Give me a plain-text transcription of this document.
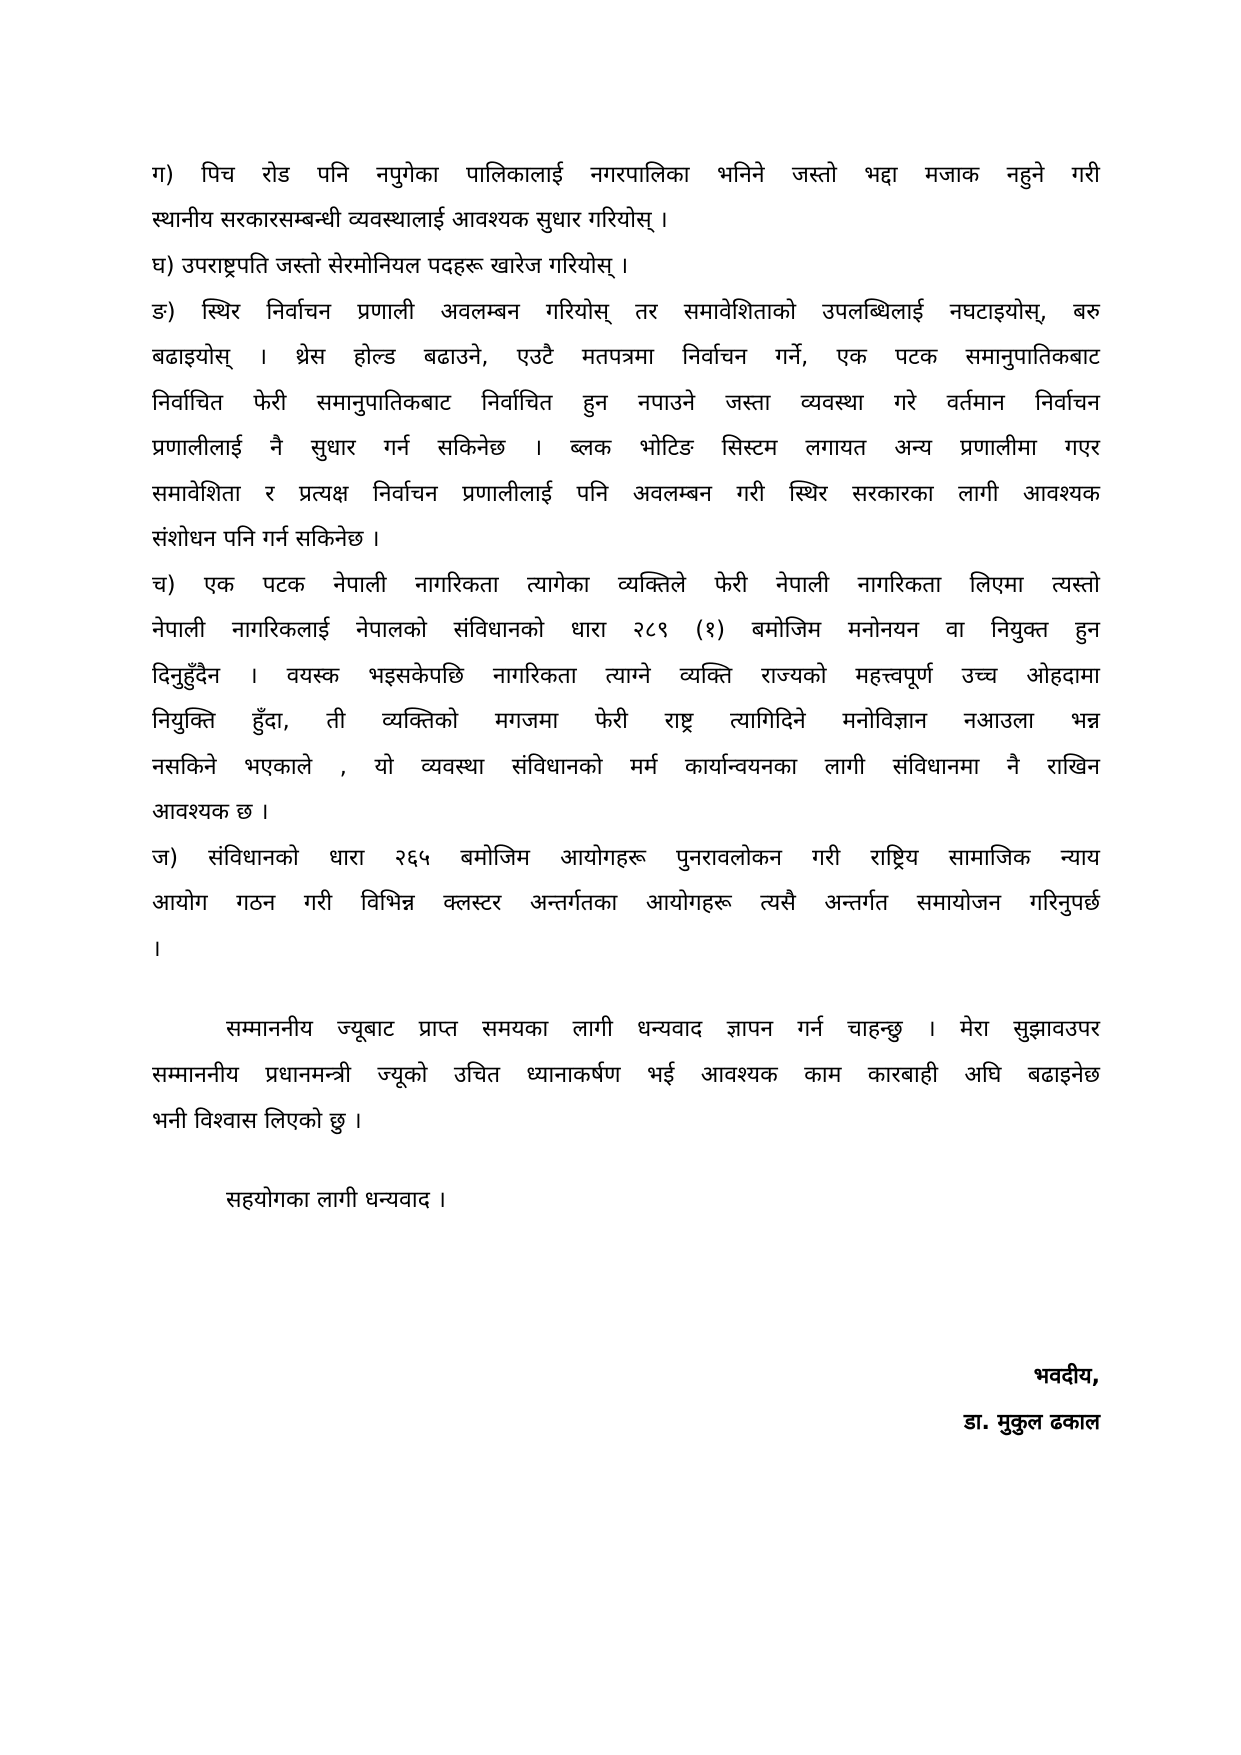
ग) पिच रोड पनि नपुगेका पालिकालाई नगरपालिका भनिने जस्तो भद्दा मजाक नहुने गरी
स्थानीय सरकारसम्बन्धी व्यवस्थालाई आवश्यक सुधार गरियोस् ।
घ) उपराष्ट्रपति जस्तो सेरमोनियल पदहरू खारेज गरियोस् ।
ङ) स्थिर निर्वाचन प्रणाली अवलम्बन गरियोस् तर समावेशिताको उपलब्धिलाई नघटाइयोस्, बरु
बढाइयोस् । थ्रेस होल्ड बढाउने, एउटै मतपत्रमा निर्वाचन गर्ने, एक पटक समानुपातिकबाट
निर्वाचित फेरी समानुपातिकबाट निर्वाचित हुन नपाउने जस्ता व्यवस्था गरे वर्तमान निर्वाचन
प्रणालीलाई नै सुधार गर्न सकिनेछ । ब्लक भोटिङ सिस्टम लगायत अन्य प्रणालीमा गएर
समावेशिता र प्रत्यक्ष निर्वाचन प्रणालीलाई पनि अवलम्बन गरी स्थिर सरकारका लागी आवश्यक
संशोधन पनि गर्न सकिनेछ ।
च) एक पटक नेपाली नागरिकता त्यागेका व्यक्तिले फेरी नेपाली नागरिकता लिएमा त्यस्तो
नेपाली नागरिकलाई नेपालको संविधानको धारा २८९ (१) बमोजिम मनोनयन वा नियुक्त हुन
दिनुहुँदैन । वयस्क भइसकेपछि नागरिकता त्याग्ने व्यक्ति राज्यको महत्त्वपूर्ण उच्च ओहदामा
नियुक्ति हुँदा, ती व्यक्तिको मगजमा फेरी राष्ट्र त्यागिदिने मनोविज्ञान नआउला भन्न
नसकिने भएकाले , यो व्यवस्था संविधानको मर्म कार्यान्वयनका लागी संविधानमा नै राखिन
आवश्यक छ ।
ज) संविधानको धारा २६५ बमोजिम आयोगहरू पुनरावलोकन गरी राष्ट्रिय सामाजिक न्याय
आयोग गठन गरी विभिन्न क्लस्टर अन्तर्गतका आयोगहरू त्यसै अन्तर्गत समायोजन गरिनुपर्छ
।
सम्माननीय ज्यूबाट प्राप्त समयका लागी धन्यवाद ज्ञापन गर्न चाहन्छु । मेरा सुझावउपर
सम्माननीय प्रधानमन्त्री ज्यूको उचित ध्यानाकर्षण भई आवश्यक काम कारबाही अघि बढाइनेछ
भनी विश्वास लिएको छु ।
सहयोगका लागी धन्यवाद ।
भवदीय,
डा. मुकुल ढकाल
